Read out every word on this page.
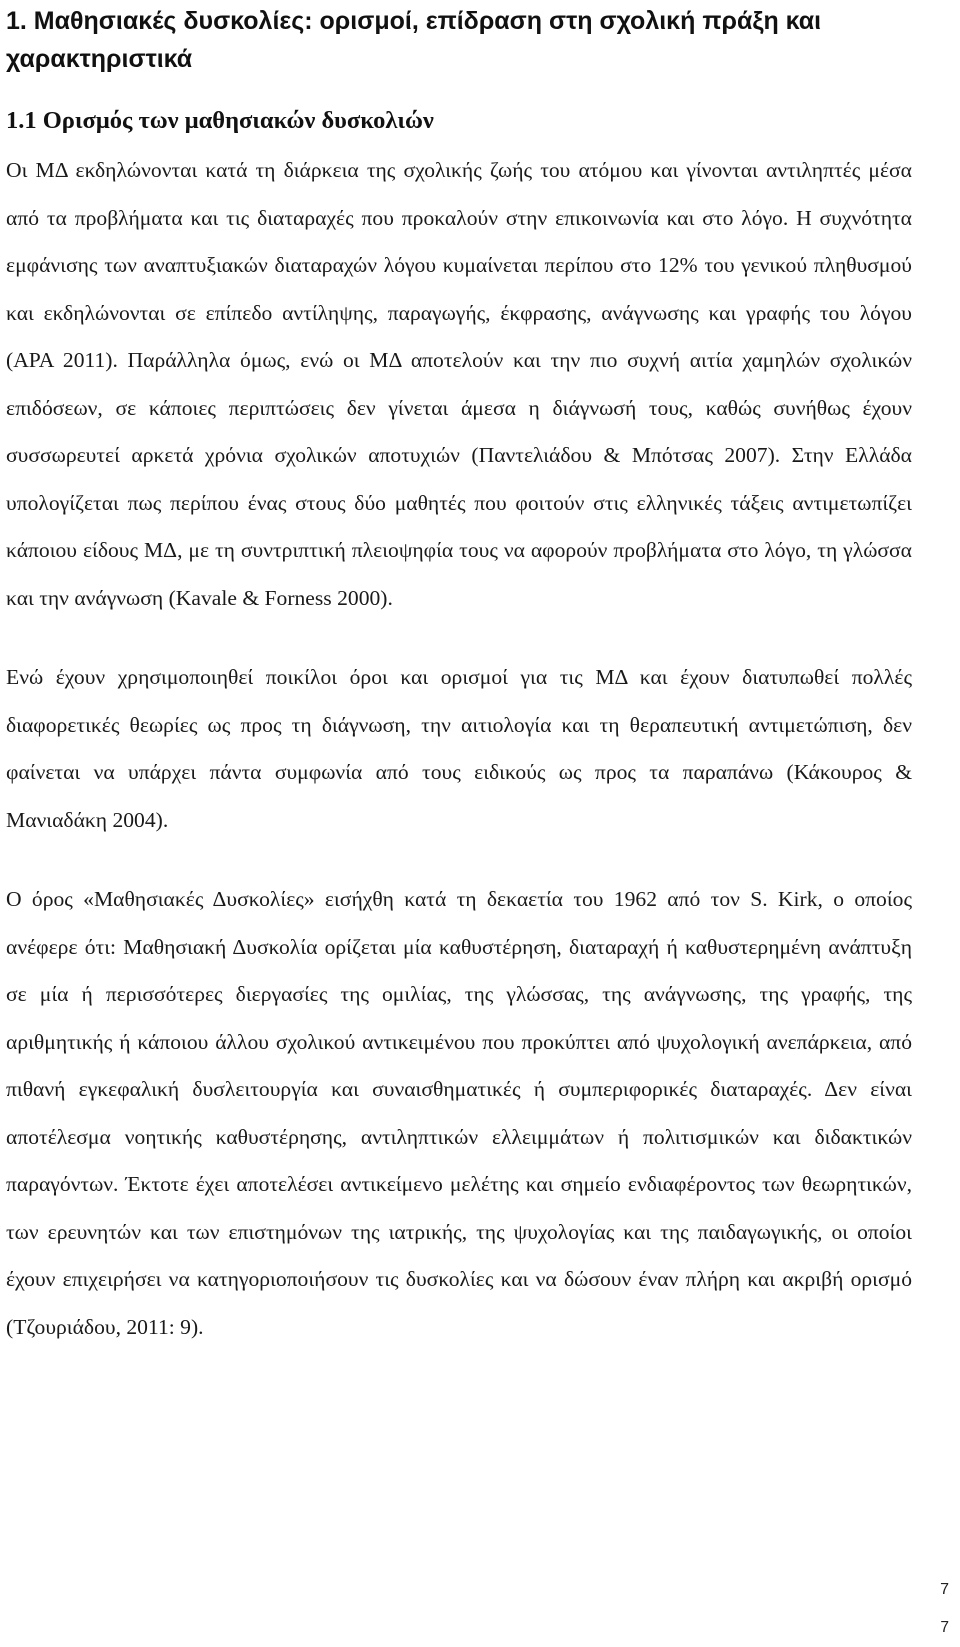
1. Μαθησιακές δυσκολίες: ορισμοί, επίδραση στη σχολική πράξη και χαρακτηριστικά
1.1 Ορισμός των μαθησιακών δυσκολιών

Οι ΜΔ εκδηλώνονται κατά τη διάρκεια της σχολικής ζωής του ατόμου και γίνονται αντιληπτές μέσα από τα προβλήματα και τις διαταραχές που προκαλούν στην επικοινωνία και στο λόγο. Η συχνότητα εμφάνισης των αναπτυξιακών διαταραχών λόγου κυμαίνεται περίπου στο 12% του γενικού πληθυσμού και εκδηλώνονται σε επίπεδο αντίληψης, παραγωγής, έκφρασης, ανάγνωσης και γραφής του λόγου (APA 2011). Παράλληλα όμως, ενώ οι ΜΔ αποτελούν και την πιο συχνή αιτία χαμηλών σχολικών επιδόσεων, σε κάποιες περιπτώσεις δεν γίνεται άμεσα η διάγνωσή τους, καθώς συνήθως έχουν συσσωρευτεί αρκετά χρόνια σχολικών αποτυχιών (Παντελιάδου & Μπότσας 2007). Στην Ελλάδα υπολογίζεται πως περίπου ένας στους δύο μαθητές που φοιτούν στις ελληνικές τάξεις αντιμετωπίζει κάποιου είδους ΜΔ, με τη συντριπτική πλειοψηφία τους να αφορούν προβλήματα στο λόγο, τη γλώσσα και την ανάγνωση (Kavale & Forness 2000).

Ενώ έχουν χρησιμοποιηθεί ποικίλοι όροι και ορισμοί για τις ΜΔ και έχουν διατυπωθεί πολλές διαφορετικές θεωρίες ως προς τη διάγνωση, την αιτιολογία και τη θεραπευτική αντιμετώπιση, δεν φαίνεται να υπάρχει πάντα συμφωνία από τους ειδικούς ως προς τα παραπάνω (Κάκουρος & Μανιαδάκη 2004).

Ο όρος «Μαθησιακές Δυσκολίες» εισήχθη κατά τη δεκαετία του 1962 από τον S. Kirk, ο οποίος ανέφερε ότι: Μαθησιακή Δυσκολία ορίζεται μία καθυστέρηση, διαταραχή ή καθυστερημένη ανάπτυξη σε μία ή περισσότερες διεργασίες της ομιλίας, της γλώσσας, της ανάγνωσης, της γραφής, της αριθμητικής ή κάποιου άλλου σχολικού αντικειμένου που προκύπτει από ψυχολογική ανεπάρκεια, από πιθανή εγκεφαλική δυσλειτουργία και συναισθηματικές ή συμπεριφορικές διαταραχές. Δεν είναι αποτέλεσμα νοητικής καθυστέρησης, αντιληπτικών ελλειμμάτων ή πολιτισμικών και διδακτικών παραγόντων. Έκτοτε έχει αποτελέσει αντικείμενο μελέτης και σημείο ενδιαφέροντος των θεωρητικών, των ερευνητών και των επιστημόνων της ιατρικής, της ψυχολογίας και της παιδαγωγικής, οι οποίοι έχουν επιχειρήσει να κατηγοριοποιήσουν τις δυσκολίες και να δώσουν έναν πλήρη και ακριβή ορισμό (Τζουριάδου, 2011: 9).

7
7
